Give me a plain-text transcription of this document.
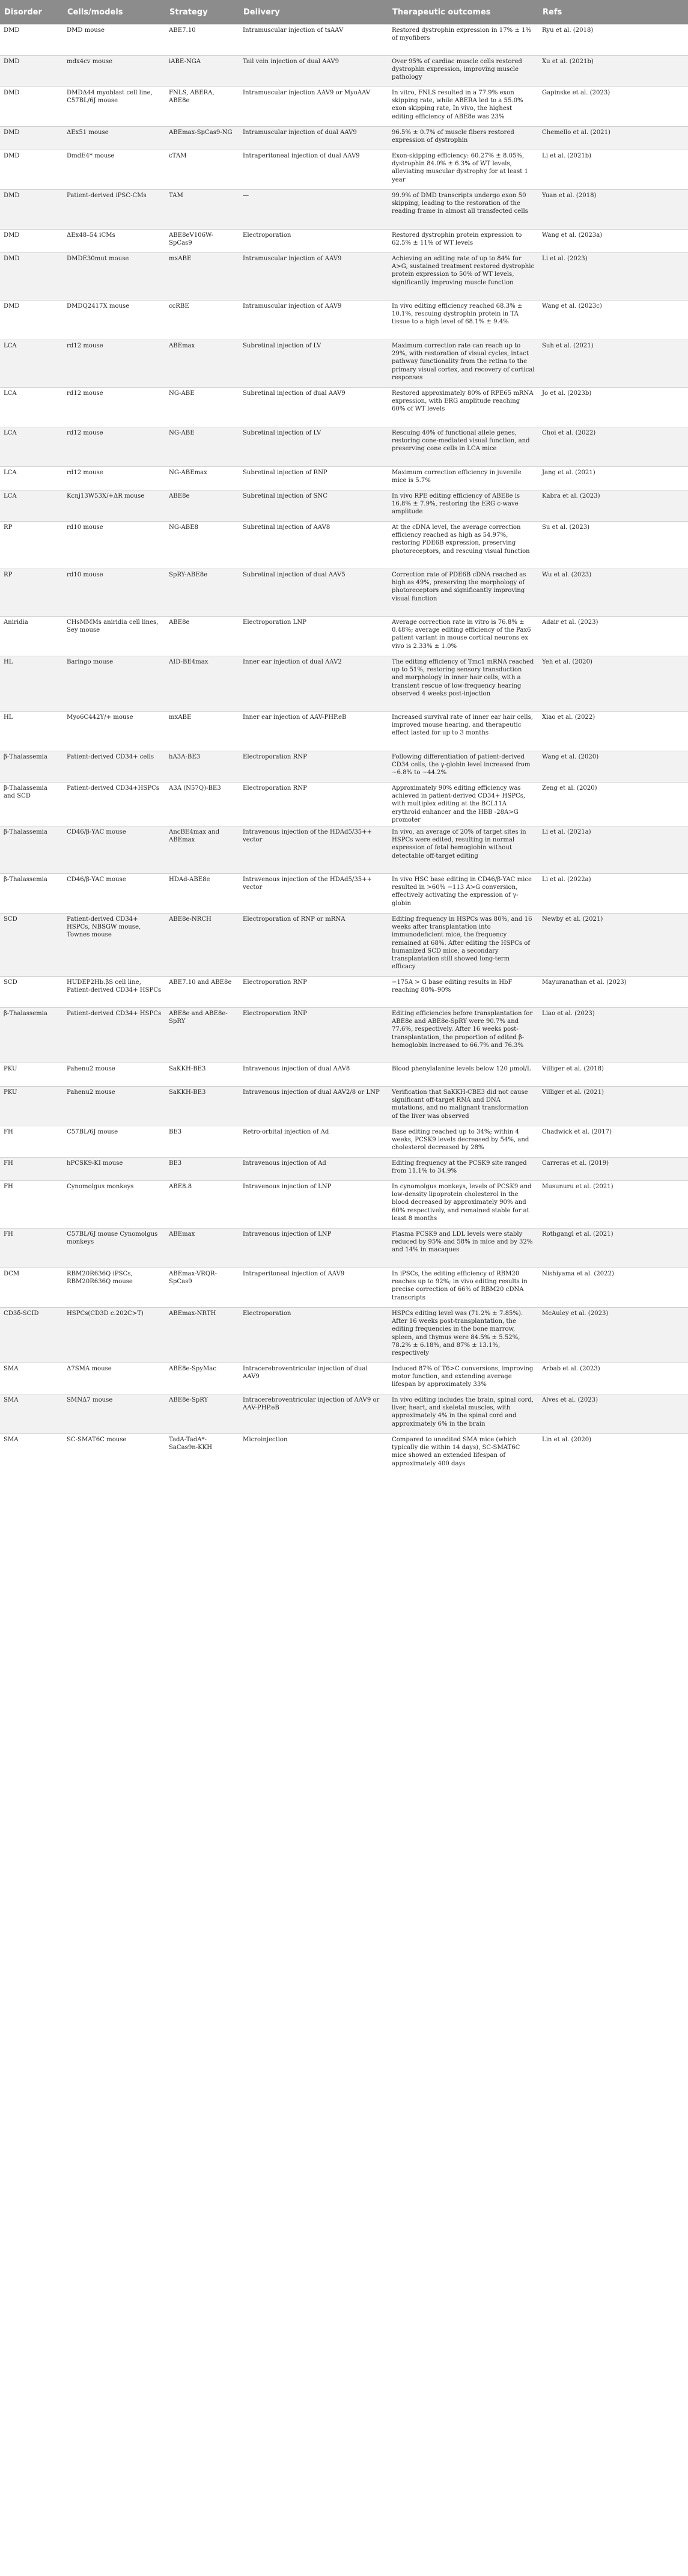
Disorder	Cells/models	Strategy	Delivery	Therapeutic outcomes	Refs
DMD	DMD mouse	ABE7.10	Intramuscular injection of tsAAV	Restored dystrophin expression in 17% ± 1% of myofibers	Ryu et al. (2018)
DMD	mdx4cv mouse	iABE-NGA	Tail vein injection of dual AAV9	Over 95% of cardiac muscle cells restored dystrophin expression, improving muscle pathology	Xu et al. (2021b)
DMD	DMDΔ44 myoblast cell line, C57BL/6J mouse	FNLS, ABERA, ABE8e	Intramuscular injection AAV9 or MyoAAV	In vitro, FNLS resulted in a 77.9% exon skipping rate, while ABERA led to a 55.0% exon skipping rate, In vivo, the highest editing efficiency of ABE8e was 23%	Gapinske et al. (2023)
DMD	ΔEx51 mouse	ABEmax-SpCas9-NG	Intramuscular injection of dual AAV9	96.5% ± 0.7% of muscle fibers restored expression of dystrophin	Chemello et al. (2021)
DMD	DmdE4* mouse	cTAM	Intraperitoneal injection of dual AAV9	Exon-skipping efficiency: 60.27% ± 8.05%, dystrophin 84.0% ± 6.3% of WT levels, alleviating muscular dystrophy for at least 1 year	Li et al. (2021b)
DMD	Patient-derived iPSC-CMs	TAM	—	99.9% of DMD transcripts undergo exon 50 skipping, leading to the restoration of the reading frame in almost all transfected cells	Yuan et al. (2018)
DMD	ΔEx48–54 iCMs	ABE8eV106W-SpCas9	Electroporation	Restored dystrophin protein expression to 62.5% ± 11% of WT levels	Wang et al. (2023a)
DMD	DMDE30mut mouse	mxABE	Intramuscular injection of AAV9	Achieving an editing rate of up to 84% for A>G, sustained treatment restored dystrophic protein expression to 50% of WT levels, significantly improving muscle function	Li et al. (2023)
DMD	DMDQ2417X mouse	ccRBE	Intramuscular injection of AAV9	In vivo editing efficiency reached 68.3% ± 10.1%, rescuing dystrophin protein in TA tissue to a high level of 68.1% ± 9.4%	Wang et al. (2023c)
LCA	rd12 mouse	ABEmax	Subretinal injection of LV	Maximum correction rate can reach up to 29%, with restoration of visual cycles, intact pathway functionality from the retina to the primary visual cortex, and recovery of cortical responses	Suh et al. (2021)
LCA	rd12 mouse	NG-ABE	Subretinal injection of dual AAV9	Restored approximately 80% of RPE65 mRNA expression, with ERG amplitude reaching 60% of WT levels	Jo et al. (2023b)
LCA	rd12 mouse	NG-ABE	Subretinal injection of LV	Rescuing 40% of functional allele genes, restoring cone-mediated visual function, and preserving cone cells in LCA mice	Choi et al. (2022)
LCA	rd12 mouse	NG-ABEmax	Subretinal injection of RNP	Maximum correction efficiency in juvenile mice is 5.7%	Jang et al. (2021)
LCA	Kcnj13W53X/+ΔR mouse	ABE8e	Subretinal injection of SNC	In vivo RPE editing efficiency of ABE8e is 16.8% ± 7.9%, restoring the ERG c-wave amplitude	Kabra et al. (2023)
RP	rd10 mouse	NG-ABE8	Subretinal injection of AAV8	At the cDNA level, the average correction efficiency reached as high as 54.97%, restoring PDE6B expression, preserving photoreceptors, and rescuing visual function	Su et al. (2023)
RP	rd10 mouse	SpRY-ABE8e	Subretinal injection of dual AAV5	Correction rate of PDE6B cDNA reached as high as 49%, preserving the morphology of photoreceptors and significantly improving visual function	Wu et al. (2023)
Aniridia	CHsMMMs aniridia cell lines, Sey mouse	ABE8e	Electroporation LNP	Average correction rate in vitro is 76.8% ± 0.48%; average editing efficiency of the Pax6 patient variant in mouse cortical neurons ex vivo is 2.33% ± 1.0%	Adair et al. (2023)
HL	Baringo mouse	AID-BE4max	Inner ear injection of dual AAV2	The editing efficiency of Tmc1 mRNA reached up to 51%, restoring sensory transduction and morphology in inner hair cells, with a transient rescue of low-frequency hearing observed 4 weeks post-injection	Yeh et al. (2020)
HL	Myo6C442Y/+ mouse	mxABE	Inner ear injection of AAV-PHP.eB	Increased survival rate of inner ear hair cells, improved mouse hearing, and therapeutic effect lasted for up to 3 months	Xiao et al. (2022)
β-Thalassemia	Patient-derived CD34+ cells	hA3A-BE3	Electroporation RNP	Following differentiation of patient-derived CD34 cells, the γ-globin level increased from ~6.8% to ~44.2%	Wang et al. (2020)
β-Thalassemia and SCD	Patient-derived CD34+HSPCs	A3A (N57Q)-BE3	Electroporation RNP	Approximately 90% editing efficiency was achieved in patient-derived CD34+ HSPCs, with multiplex editing at the BCL11A erythroid enhancer and the HBB -28A>G promoter	Zeng et al. (2020)
β-Thalassemia	CD46/β-YAC mouse	AncBE4max and ABEmax	Intravenous injection of the HDAd5/35++ vector	In vivo, an average of 20% of target sites in HSPCs were edited, resulting in normal expression of fetal hemoglobin without detectable off-target editing	Li et al. (2021a)
β-Thalassemia	CD46/β-YAC mouse	HDAd-ABE8e	Intravenous injection of the HDAd5/35++ vector	In vivo HSC base editing in CD46/β-YAC mice resulted in >60% −113 A>G conversion, effectively activating the expression of γ-globin	Li et al. (2022a)
SCD	Patient-derived CD34+ HSPCs, NBSGW mouse, Townes mouse	ABE8e-NRCH	Electroporation of RNP or mRNA	Editing frequency in HSPCs was 80%, and 16 weeks after transplantation into immunodeficient mice, the frequency remained at 68%. After editing the HSPCs of humanized SCD mice, a secondary transplantation still showed long-term efficacy	Newby et al. (2021)
SCD	HUDEP2Hb.βS cell line, Patient-derived CD34+ HSPCs	ABE7.10 and ABE8e	Electroporation RNP	−175A > G base editing results in HbF reaching 80%–90%	Mayuranathan et al. (2023)
β-Thalassemia	Patient-derived CD34+ HSPCs	ABE8e and ABE8e-SpRY	Electroporation RNP	Editing efficiencies before transplantation for ABE8e and ABE8e-SpRY were 90.7% and 77.6%, respectively. After 16 weeks post-transplantation, the proportion of edited β-hemoglobin increased to 66.7% and 76.3%	Liao et al. (2023)
PKU	Pahenu2 mouse	SaKKH-BE3	Intravenous injection of dual AAV8	Blood phenylalanine levels below 120 µmol/L	Villiger et al. (2018)
PKU	Pahenu2 mouse	SaKKH-BE3	Intravenous injection of dual AAV2/8 or LNP	Verification that SaKKH-CBE3 did not cause significant off-target RNA and DNA mutations, and no malignant transformation of the liver was observed	Villiger et al. (2021)
FH	C57BL/6J mouse	BE3	Retro-orbital injection of Ad	Base editing reached up to 34%; within 4 weeks, PCSK9 levels decreased by 54%, and cholesterol decreased by 28%	Chadwick et al. (2017)
FH	hPCSK9-KI mouse	BE3	Intravenous injection of Ad	Editing frequency at the PCSK9 site ranged from 11.1% to 34.9%	Carreras et al. (2019)
FH	Cynomolgus monkeys	ABE8.8	Intravenous injection of LNP	In cynomolgus monkeys, levels of PCSK9 and low-density lipoprotein cholesterol in the blood decreased by approximately 90% and 60% respectively, and remained stable for at least 8 months	Musunuru et al. (2021)
FH	C57BL/6J mouse Cynomolgus monkeys	ABEmax	Intravenous injection of LNP	Plasma PCSK9 and LDL levels were stably reduced by 95% and 58% in mice and by 32% and 14% in macaques	Rothgangl et al. (2021)
DCM	RBM20R636Q iPSCs, RBM20R636Q mouse	ABEmax-VRQR-SpCas9	Intraperitoneal injection of AAV9	In iPSCs, the editing efficiency of RBM20 reaches up to 92%; in vivo editing results in precise correction of 66% of RBM20 cDNA transcripts	Nishiyama et al. (2022)
CD3δ-SCID	HSPCs(CD3D c.202C>T)	ABEmax-NRTH	Electroporation	HSPCs editing level was (71.2% ± 7.85%). After 16 weeks post-transplantation, the editing frequencies in the bone marrow, spleen, and thymus were 84.5% ± 5.52%, 78.2% ± 6.18%, and 87% ± 13.1%, respectively	McAuley et al. (2023)
SMA	Δ7SMA mouse	ABE8e-SpyMac	Intracerebroventricular injection of dual AAV9	Induced 87% of T6>C conversions, improving motor function, and extending average lifespan by approximately 33%	Arbab et al. (2023)
SMA	SMNΔ7 mouse	ABE8e-SpRY	Intracerebroventricular injection of AAV9 or AAV-PHP.eB	In vivo editing includes the brain, spinal cord, liver, heart, and skeletal muscles, with approximately 4% in the spinal cord and approximately 6% in the brain	Alves et al. (2023)
SMA	SC-SMAT6C mouse	TadA-TadA*-SaCas9n-KKH	Microinjection	Compared to unedited SMA mice (which typically die within 14 days), SC-SMAT6C mice showed an extended lifespan of approximately 400 days	Lin et al. (2020)
